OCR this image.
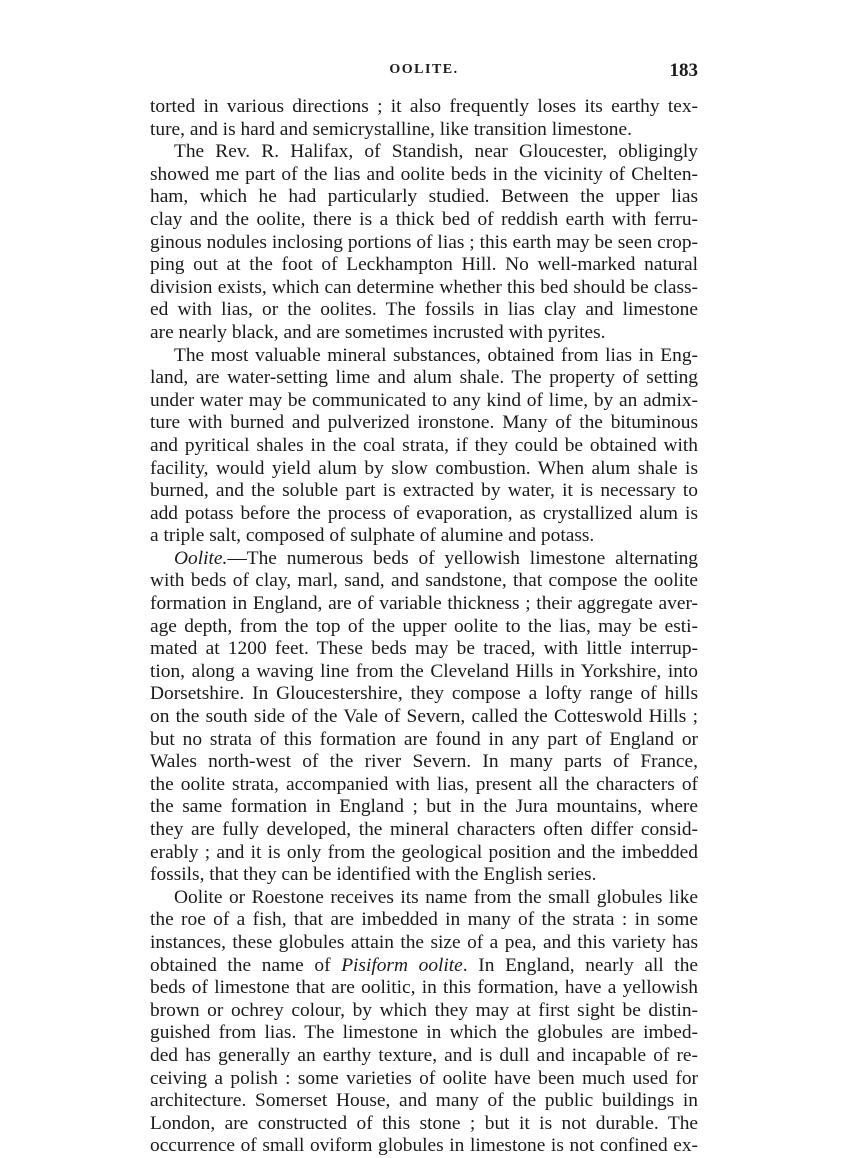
OOLITE.	183
torted in various directions ; it also frequently loses its earthy tex-
ture, and is hard and semicrystalline, like transition limestone.
The Rev. R. Halifax, of Standish, near Gloucester, obligingly
showed me part of the lias and oolite beds in the vicinity of Chelten-
ham, which he had particularly studied. Between the upper lias
clay and the oolite, there is a thick bed of reddish earth with ferru-
ginous nodules inclosing portions of lias ; this earth may be seen crop-
ping out at the foot of Leckhampton Hill. No well-marked natural
division exists, which can determine whether this bed should be class-
ed with lias, or the oolites. The fossils in lias clay and limestone
are nearly black, and are sometimes incrusted with pyrites.
The most valuable mineral substances, obtained from lias in Eng-
land, are water-setting lime and alum shale. The property of setting
under water may be communicated to any kind of lime, by an admix-
ture with burned and pulverized ironstone. Many of the bituminous
and pyritical shales in the coal strata, if they could be obtained with
facility, would yield alum by slow combustion. When alum shale is
burned, and the soluble part is extracted by water, it is necessary to
add potass before the process of evaporation, as crystallized alum is
a triple salt, composed of sulphate of alumine and potass.
Oolite.—The numerous beds of yellowish limestone alternating
with beds of clay, marl, sand, and sandstone, that compose the oolite
formation in England, are of variable thickness ; their aggregate aver-
age depth, from the top of the upper oolite to the lias, may be esti-
mated at 1200 feet. These beds may be traced, with little interrup-
tion, along a waving line from the Cleveland Hills in Yorkshire, into
Dorsetshire. In Gloucestershire, they compose a lofty range of hills
on the south side of the Vale of Severn, called the Cotteswold Hills ;
but no strata of this formation are found in any part of England or
Wales north-west of the river Severn. In many parts of France,
the oolite strata, accompanied with lias, present all the characters of
the same formation in England ; but in the Jura mountains, where
they are fully developed, the mineral characters often differ consid-
erably ; and it is only from the geological position and the imbedded
fossils, that they can be identified with the English series.
Oolite or Roestone receives its name from the small globules like
the roe of a fish, that are imbedded in many of the strata : in some
instances, these globules attain the size of a pea, and this variety has
obtained the name of Pisiform oolite. In England, nearly all the
beds of limestone that are oolitic, in this formation, have a yellowish
brown or ochrey colour, by which they may at first sight be distin-
guished from lias. The limestone in which the globules are imbed-
ded has generally an earthy texture, and is dull and incapable of re-
ceiving a polish : some varieties of oolite have been much used for
architecture. Somerset House, and many of the public buildings in
London, are constructed of this stone ; but it is not durable. The
occurrence of small oviform globules in limestone is not confined ex-
